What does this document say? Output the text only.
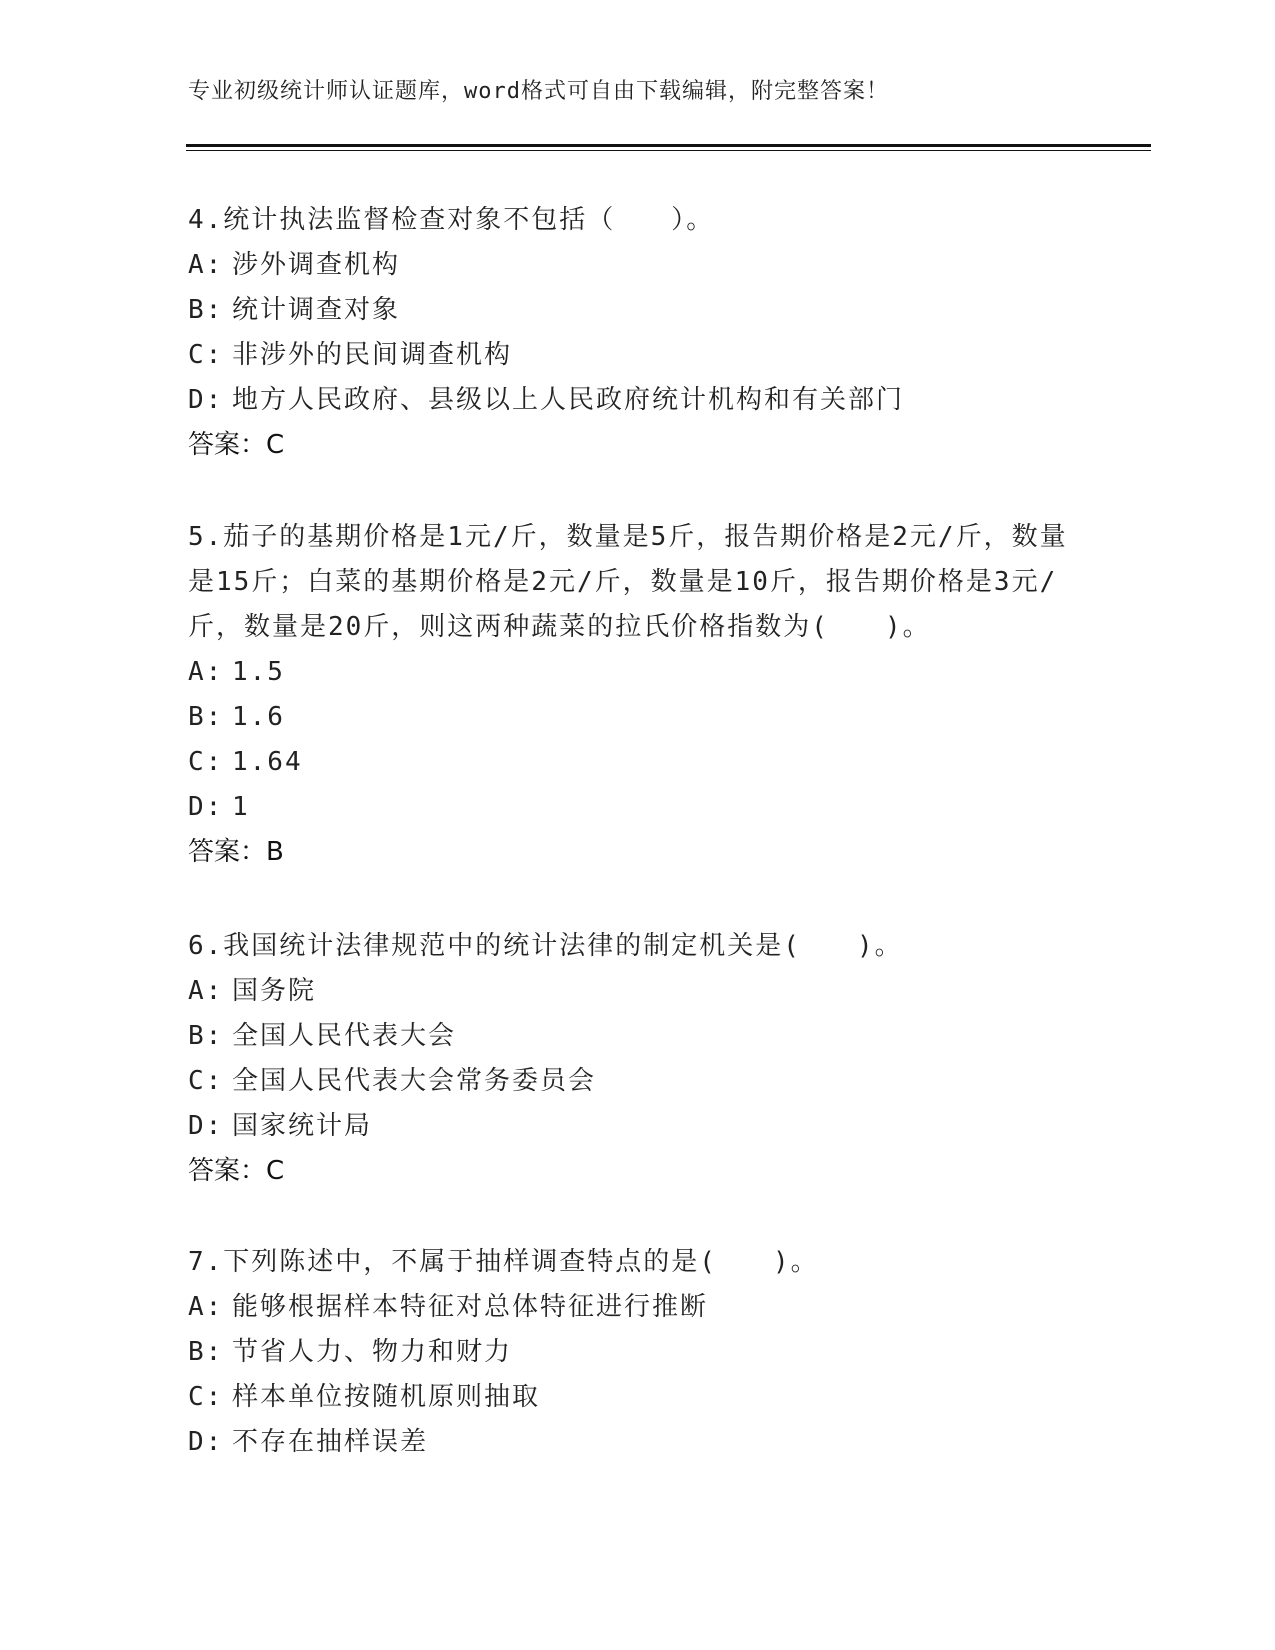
专业初级统计师认证题库，word格式可自由下载编辑，附完整答案！

4.统计执法监督检查对象不包括（　　）。

A: 涉外调查机构

B: 统计调查对象

C: 非涉外的民间调查机构

D: 地方人民政府、县级以上人民政府统计机构和有关部门

答案：C

5.茄子的基期价格是1元/斤，数量是5斤，报告期价格是2元/斤，数量是15斤；白菜的基期价格是2元/斤，数量是10斤，报告期价格是3元/斤，数量是20斤，则这两种蔬菜的拉氏价格指数为(　　)。

A: 1.5

B: 1.6

C: 1.64

D: 1

答案：B

6.我国统计法律规范中的统计法律的制定机关是(　　)。

A: 国务院

B: 全国人民代表大会

C: 全国人民代表大会常务委员会

D: 国家统计局

答案：C

7.下列陈述中，不属于抽样调查特点的是(　　)。

A: 能够根据样本特征对总体特征进行推断

B: 节省人力、物力和财力

C: 样本单位按随机原则抽取

D: 不存在抽样误差
